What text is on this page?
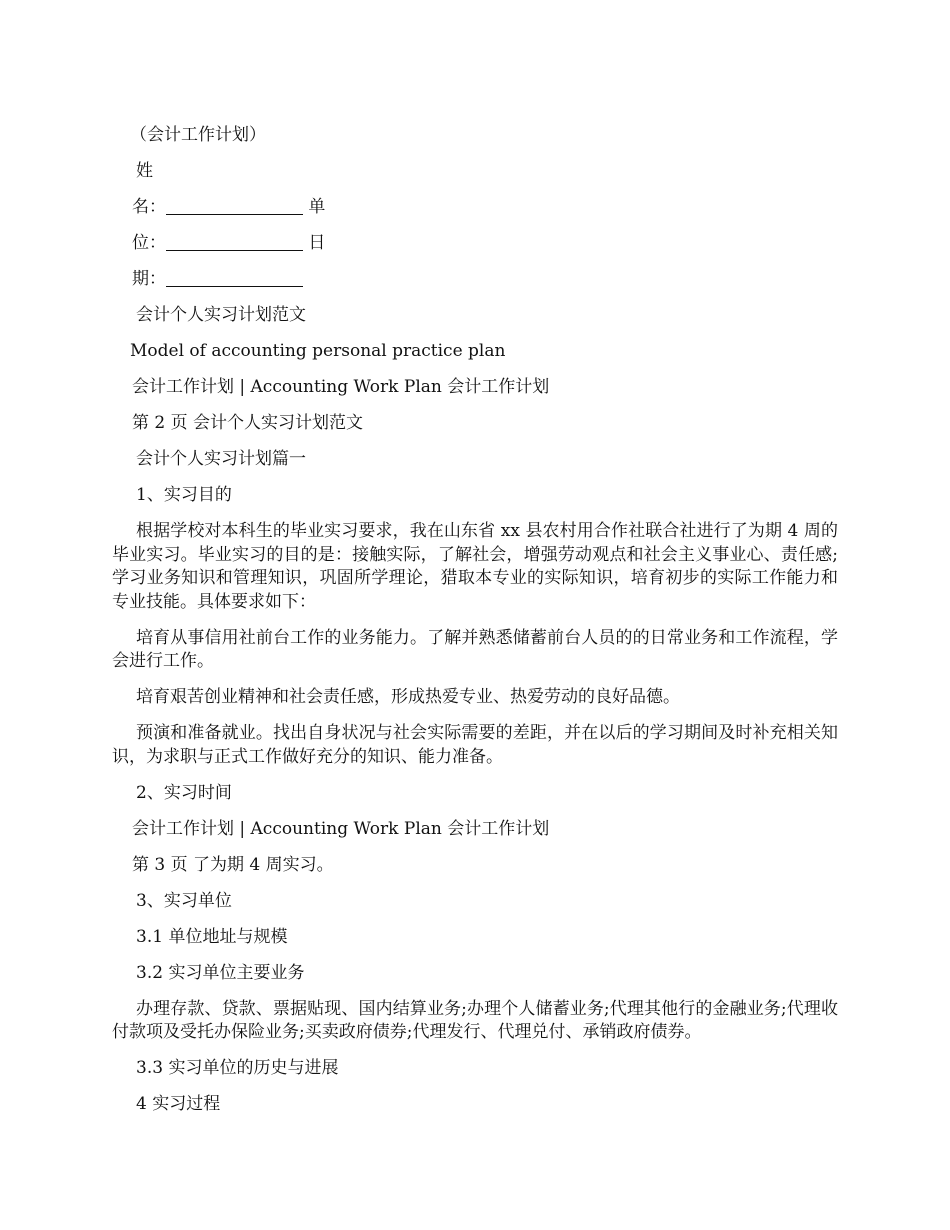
（会计工作计划）

姓

名：	单

位：	日

期：

会计个人实习计划范文

Model of accounting personal practice plan

会计工作计划 | Accounting Work Plan 会计工作计划

第 2 页 会计个人实习计划范文

会计个人实习计划篇一

1、实习目的

根据学校对本科生的毕业实习要求，我在山东省 xx 县农村用合作社联合社进行了为期 4 周的毕业实习。毕业实习的目的是：接触实际，了解社会，增强劳动观点和社会主义事业心、责任感;学习业务知识和管理知识，巩固所学理论，猎取本专业的实际知识，培育初步的实际工作能力和专业技能。具体要求如下：

培育从事信用社前台工作的业务能力。了解并熟悉储蓄前台人员的的日常业务和工作流程，学会进行工作。

培育艰苦创业精神和社会责任感，形成热爱专业、热爱劳动的良好品德。

预演和准备就业。找出自身状况与社会实际需要的差距，并在以后的学习期间及时补充相关知识，为求职与正式工作做好充分的知识、能力准备。

2、实习时间

会计工作计划 | Accounting Work Plan 会计工作计划

第 3 页 了为期 4 周实习。

3、实习单位

3.1 单位地址与规模

3.2 实习单位主要业务

办理存款、贷款、票据贴现、国内结算业务;办理个人储蓄业务;代理其他行的金融业务;代理收付款项及受托办保险业务;买卖政府债券;代理发行、代理兑付、承销政府债券。

3.3 实习单位的历史与进展

4 实习过程
